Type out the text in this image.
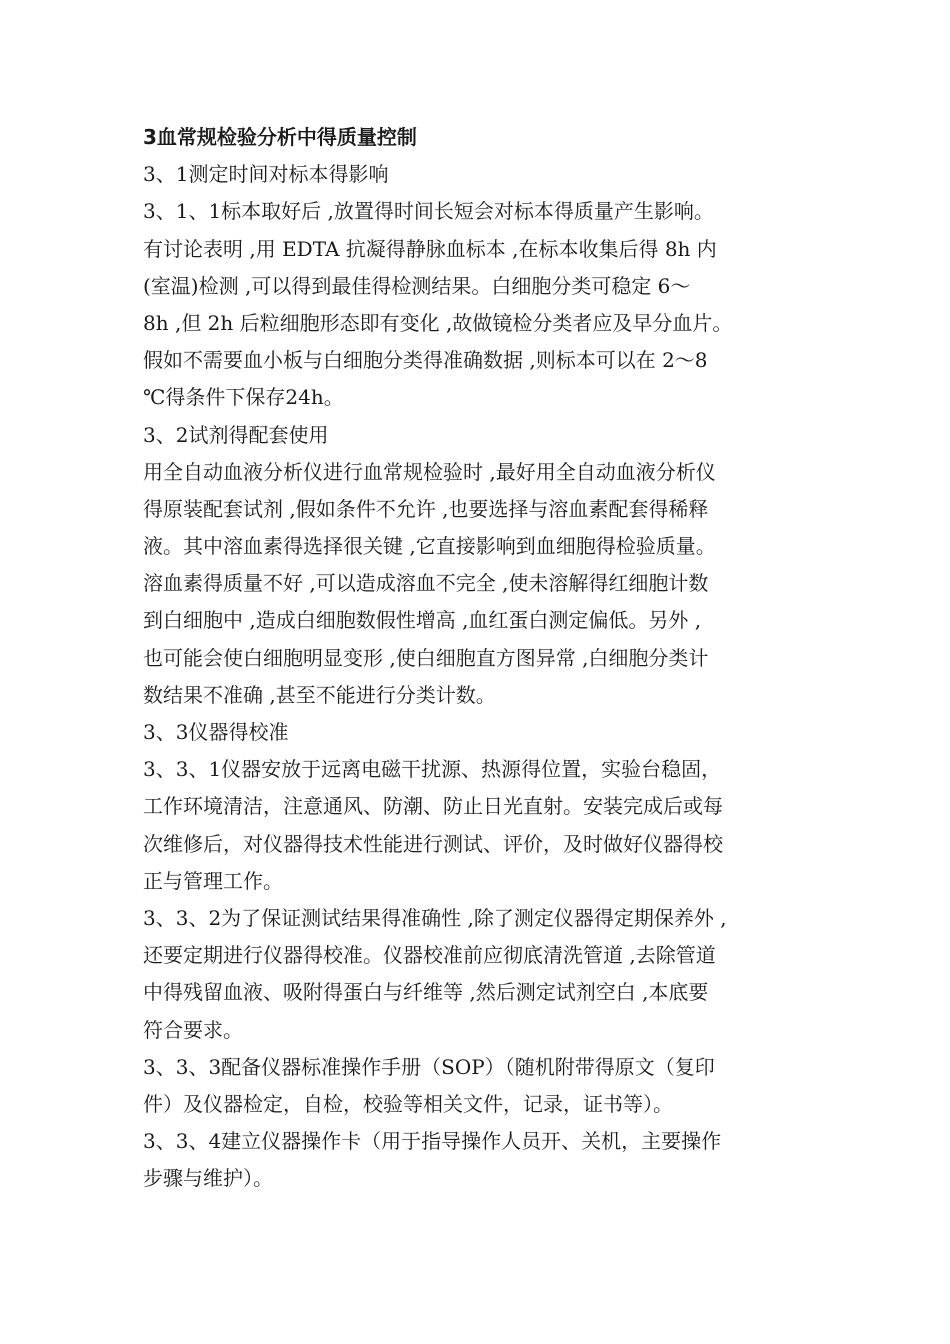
3血常规检验分析中得质量控制
3、1测定时间对标本得影响
3、1、1标本取好后 ,放置得时间长短会对标本得质量产生影响。
有讨论表明 ,用 EDTA 抗凝得静脉血标本 ,在标本收集后得 8h 内
(室温)检测 ,可以得到最佳得检测结果。白细胞分类可稳定 6～
8h ,但 2h 后粒细胞形态即有变化 ,故做镜检分类者应及早分血片。
假如不需要血小板与白细胞分类得准确数据 ,则标本可以在 2～8
℃得条件下保存24h。
3、2试剂得配套使用
用全自动血液分析仪进行血常规检验时 ,最好用全自动血液分析仪
得原装配套试剂 ,假如条件不允许 ,也要选择与溶血素配套得稀释
液。其中溶血素得选择很关键 ,它直接影响到血细胞得检验质量。
溶血素得质量不好 ,可以造成溶血不完全 ,使未溶解得红细胞计数
到白细胞中 ,造成白细胞数假性增高 ,血红蛋白测定偏低。另外 ,
也可能会使白细胞明显变形 ,使白细胞直方图异常 ,白细胞分类计
数结果不准确 ,甚至不能进行分类计数。
3、3仪器得校准
3、3、1仪器安放于远离电磁干扰源、热源得位置，实验台稳固，
工作环境清洁，注意通风、防潮、防止日光直射。安装完成后或每
次维修后，对仪器得技术性能进行测试、评价，及时做好仪器得校
正与管理工作。
3、3、2为了保证测试结果得准确性 ,除了测定仪器得定期保养外 ,
还要定期进行仪器得校准。仪器校准前应彻底清洗管道 ,去除管道
中得残留血液、吸附得蛋白与纤维等 ,然后测定试剂空白 ,本底要
符合要求。
3、3、3配备仪器标准操作手册（SOP）（随机附带得原文（复印
件）及仪器检定，自检，校验等相关文件，记录，证书等）。
3、3、4建立仪器操作卡（用于指导操作人员开、关机，主要操作
步骤与维护）。
